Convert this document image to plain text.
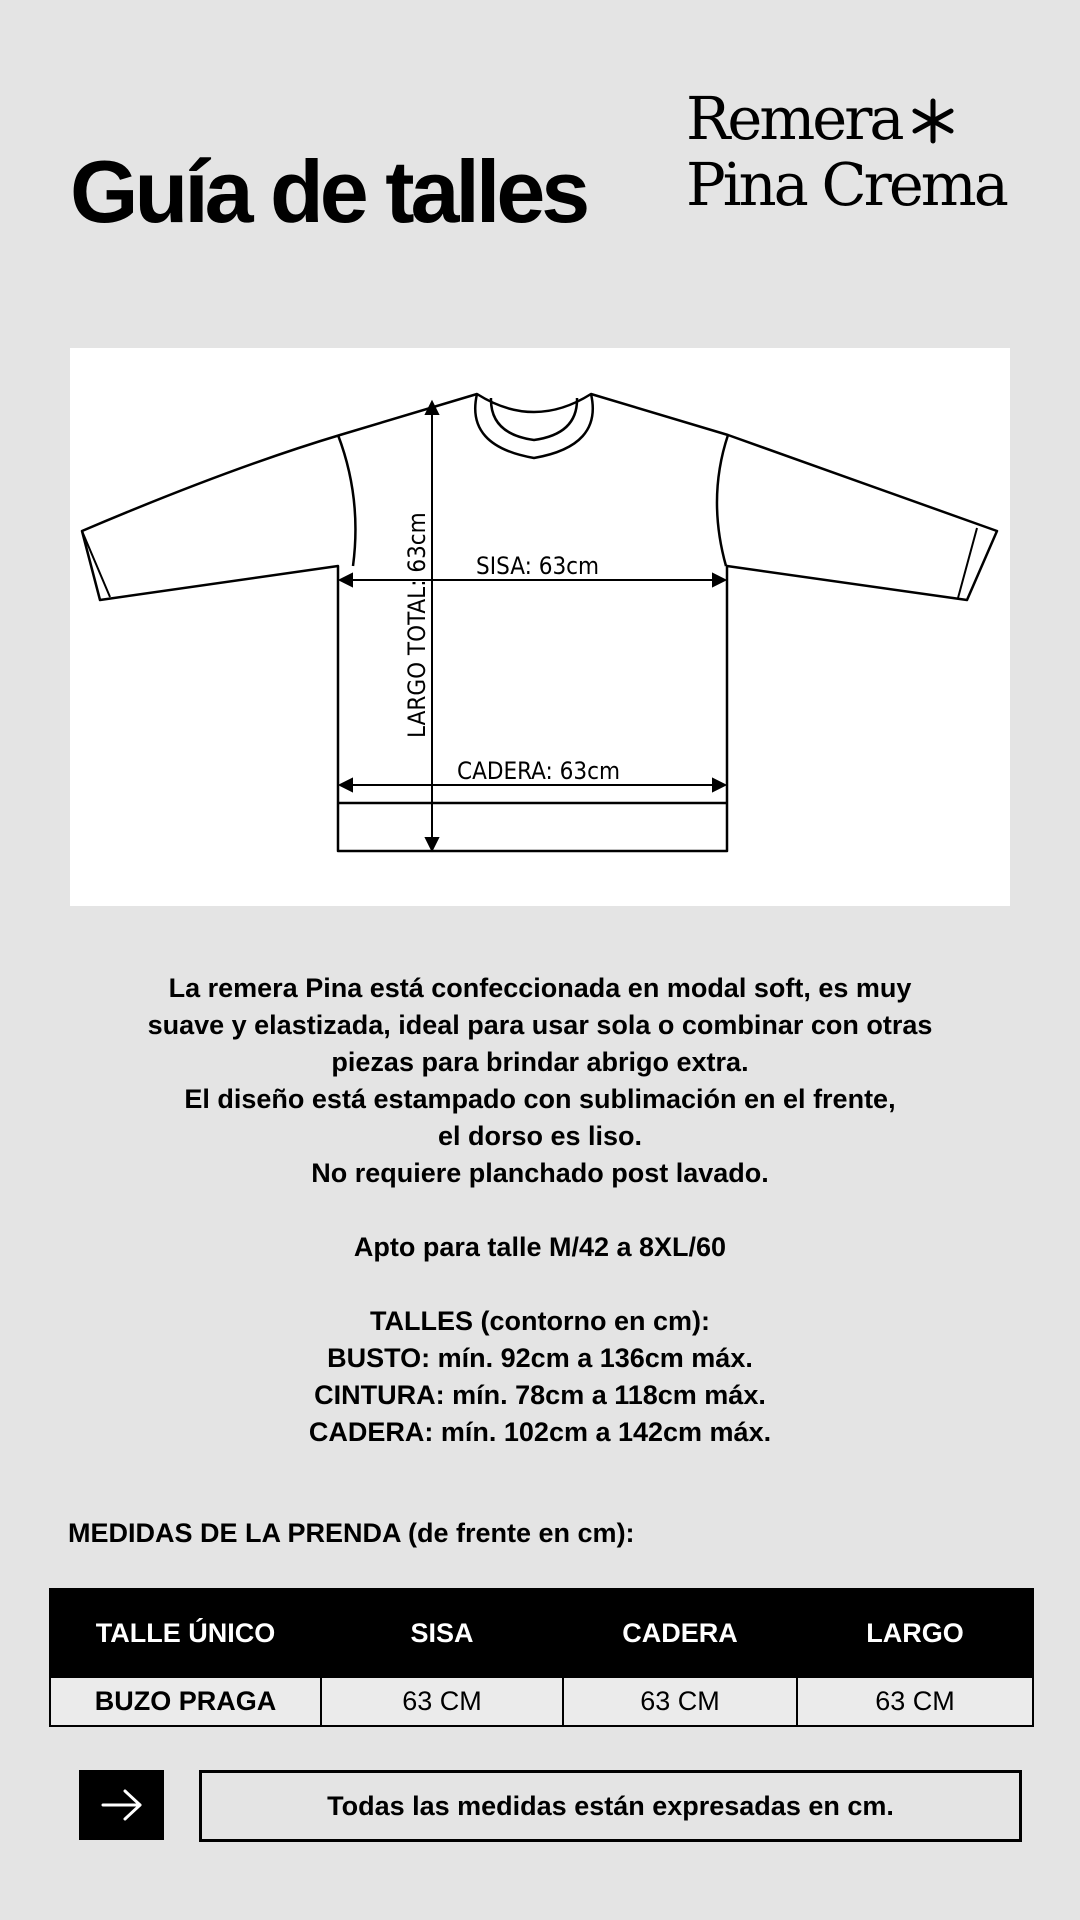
Guía de talles
Remera
Pina Crema
SISA: 63cm
CADERA: 63cm
LARGO TOTAL: 63cm
La remera Pina está confeccionada en modal soft, es muy
suave y elastizada, ideal para usar sola o combinar con otras
piezas para brindar abrigo extra.
El diseño está estampado con sublimación en el frente,
el dorso es liso.
No requiere planchado post lavado.
Apto para talle M/42 a 8XL/60
TALLES (contorno en cm):
BUSTO: mín. 92cm a 136cm máx.
CINTURA: mín. 78cm a 118cm máx.
CADERA: mín. 102cm a 142cm máx.
MEDIDAS DE LA PRENDA (de frente en cm):
TALLE ÚNICO	SISA	CADERA	LARGO
BUZO PRAGA	63 CM	63 CM	63 CM
Todas las medidas están expresadas en cm.
